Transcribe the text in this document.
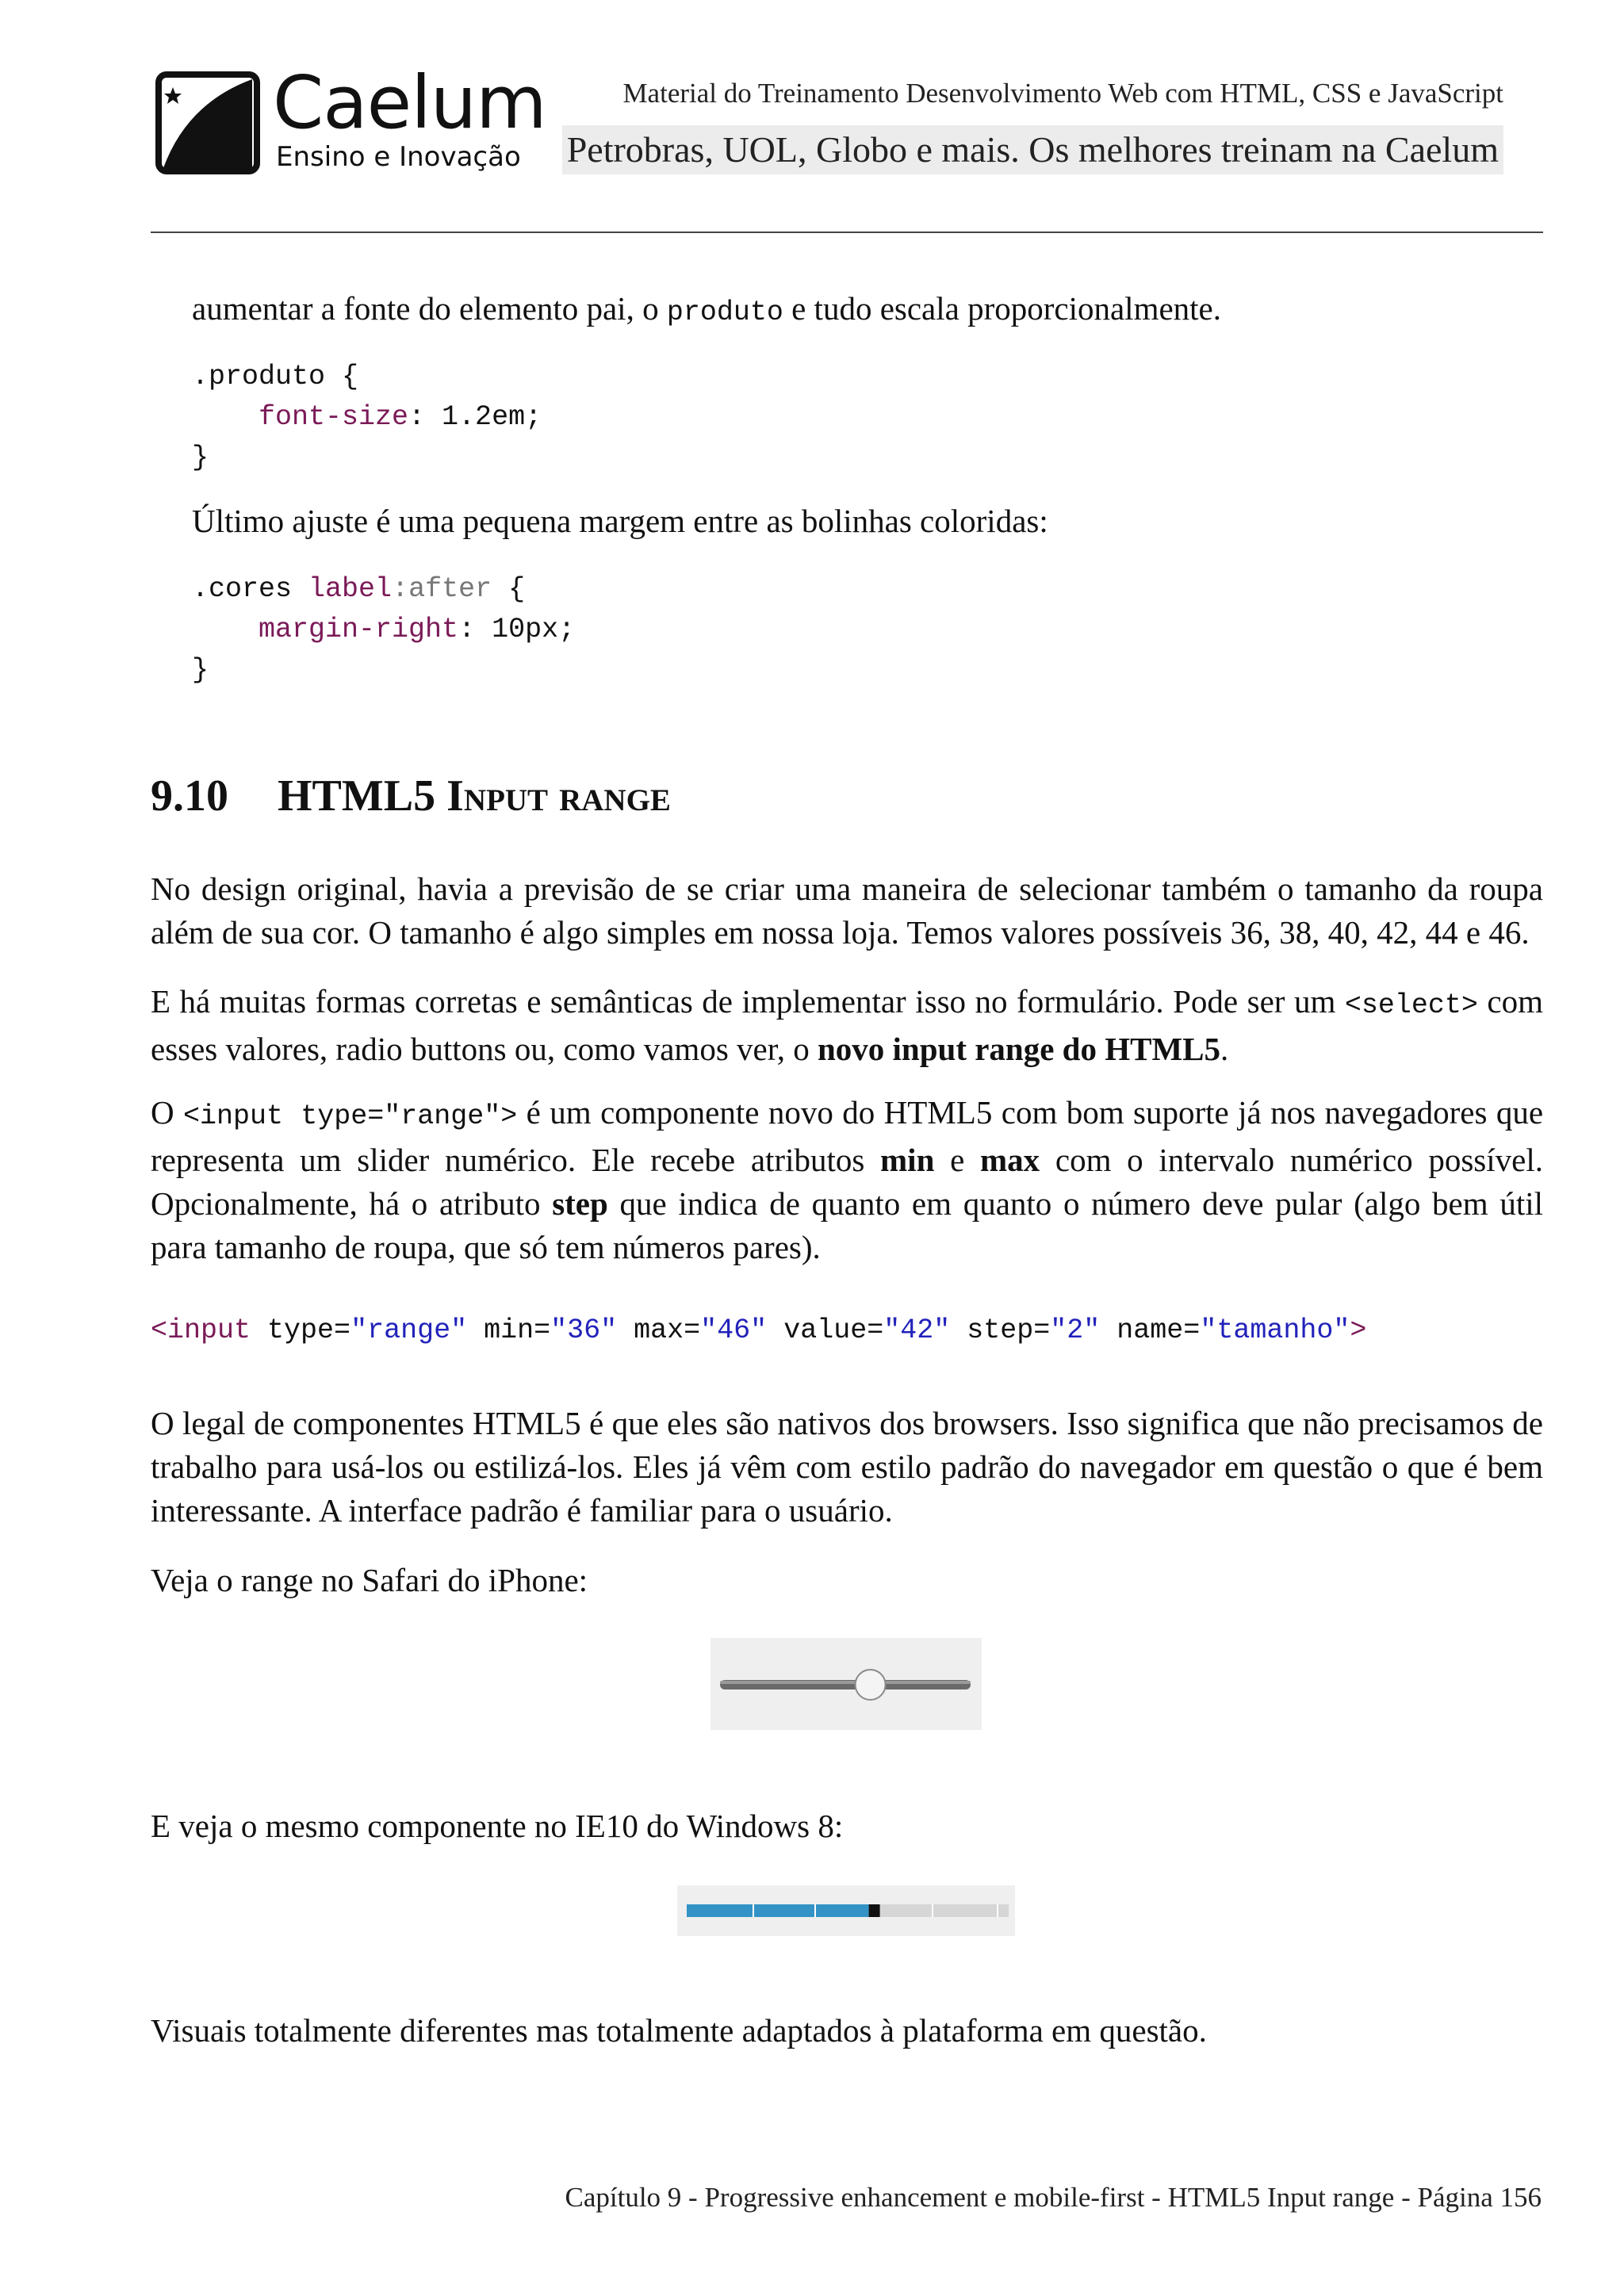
Caelum
Ensino e Inovação
Material do Treinamento Desenvolvimento Web com HTML, CSS e JavaScript
Petrobras, UOL, Globo e mais. Os melhores treinam na Caelum
aumentar a fonte do elemento pai, o produto e tudo escala proporcionalmente.
.produto {
font-size: 1.2em;
}
Último ajuste é uma pequena margem entre as bolinhas coloridas:
.cores label:after {
margin-right: 10px;
}
9.10 HTML5 Input range
No design original, havia a previsão de se criar uma maneira de selecionar também o tamanho da roupa além de sua cor. O tamanho é algo simples em nossa loja. Temos valores possíveis 36, 38, 40, 42, 44 e 46.
E há muitas formas corretas e semânticas de implementar isso no formulário. Pode ser um <select> com esses valores, radio buttons ou, como vamos ver, o novo input range do HTML5.
O <input type="range"> é um componente novo do HTML5 com bom suporte já nos navegadores que representa um slider numérico. Ele recebe atributos min e max com o intervalo numérico possível. Opcionalmente, há o atributo step que indica de quanto em quanto o número deve pular (algo bem útil para tamanho de roupa, que só tem números pares).
<input type="range" min="36" max="46" value="42" step="2" name="tamanho">
O legal de componentes HTML5 é que eles são nativos dos browsers. Isso significa que não precisamos de trabalho para usá-los ou estilizá-los. Eles já vêm com estilo padrão do navegador em questão o que é bem interessante. A interface padrão é familiar para o usuário.
Veja o range no Safari do iPhone:
E veja o mesmo componente no IE10 do Windows 8:
Visuais totalmente diferentes mas totalmente adaptados à plataforma em questão.
Capítulo 9 - Progressive enhancement e mobile-first - HTML5 Input range - Página 156
